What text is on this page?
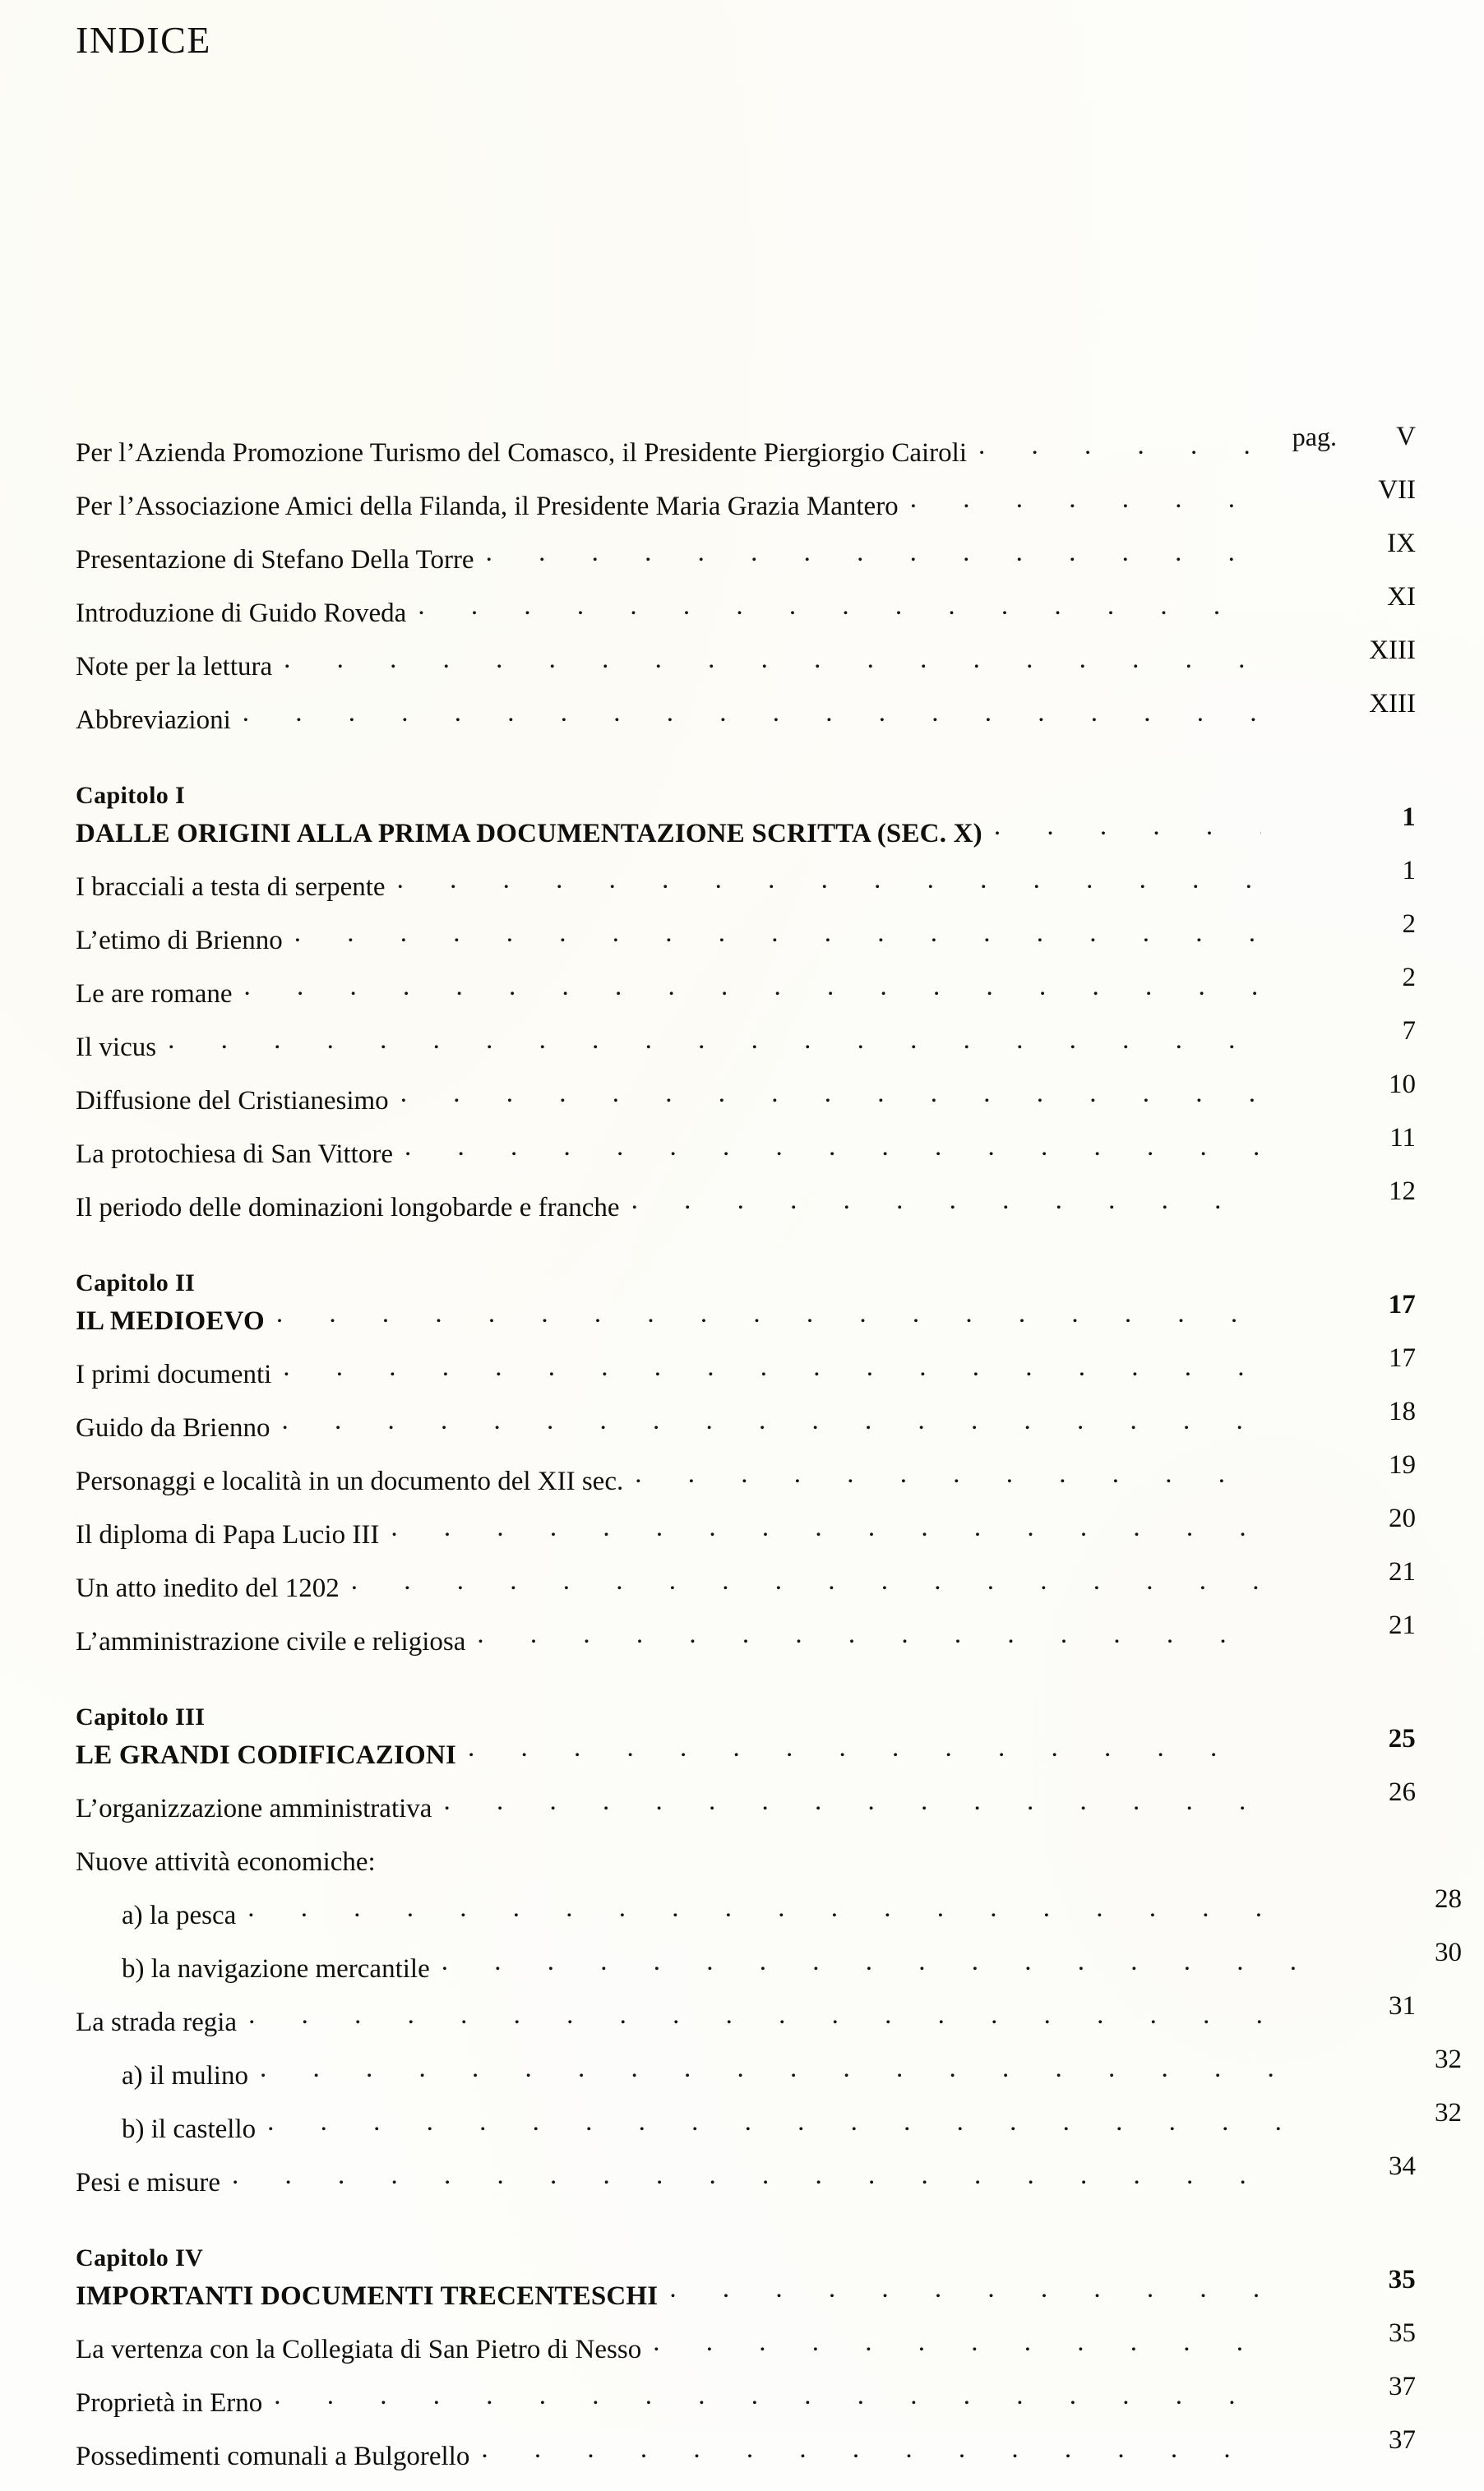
INDICE
Per l’Azienda Promozione Turismo del Comasco, il Presidente Piergiorgio Cairoli
. . .
V
pag.
Per l’Associazione Amici della Filanda, il Presidente Maria Grazia Mantero
. . .
VII
Presentazione di Stefano Della Torre
. . .
IX
Introduzione di Guido Roveda
. . .
XI
Note per la lettura
. . .
XIII
Abbreviazioni
. . .
XIII
Capitolo I
DALLE ORIGINI ALLA PRIMA DOCUMENTAZIONE SCRITTA (SEC. X)
. . .
1
I bracciali a testa di serpente
. . .
1
L’etimo di Brienno
. . .
2
Le are romane
. . .
2
Il vicus
. . .
7
Diffusione del Cristianesimo
. . .
10
La protochiesa di San Vittore
. . .
11
Il periodo delle dominazioni longobarde e franche
. . .
12
Capitolo II
IL MEDIOEVO
. . .
17
I primi documenti
. . .
17
Guido da Brienno
. . .
18
Personaggi e località in un documento del XII sec.
. . .
19
Il diploma di Papa Lucio III
. . .
20
Un atto inedito del 1202
. . .
21
L’amministrazione civile e religiosa
. . .
21
Capitolo III
LE GRANDI CODIFICAZIONI
. . .
25
L’organizzazione amministrativa
. . .
26
Nuove attività economiche:
a) la pesca
. . .
28
b) la navigazione mercantile
. . .
30
La strada regia
. . .
31
a) il mulino
. . .
32
b) il castello
. . .
32
Pesi e misure
. . .
34
Capitolo IV
IMPORTANTI DOCUMENTI TRECENTESCHI
. . .
35
La vertenza con la Collegiata di San Pietro di Nesso
. . .
35
Proprietà in Erno
. . .
37
Possedimenti comunali a Bulgorello
. . .
37
